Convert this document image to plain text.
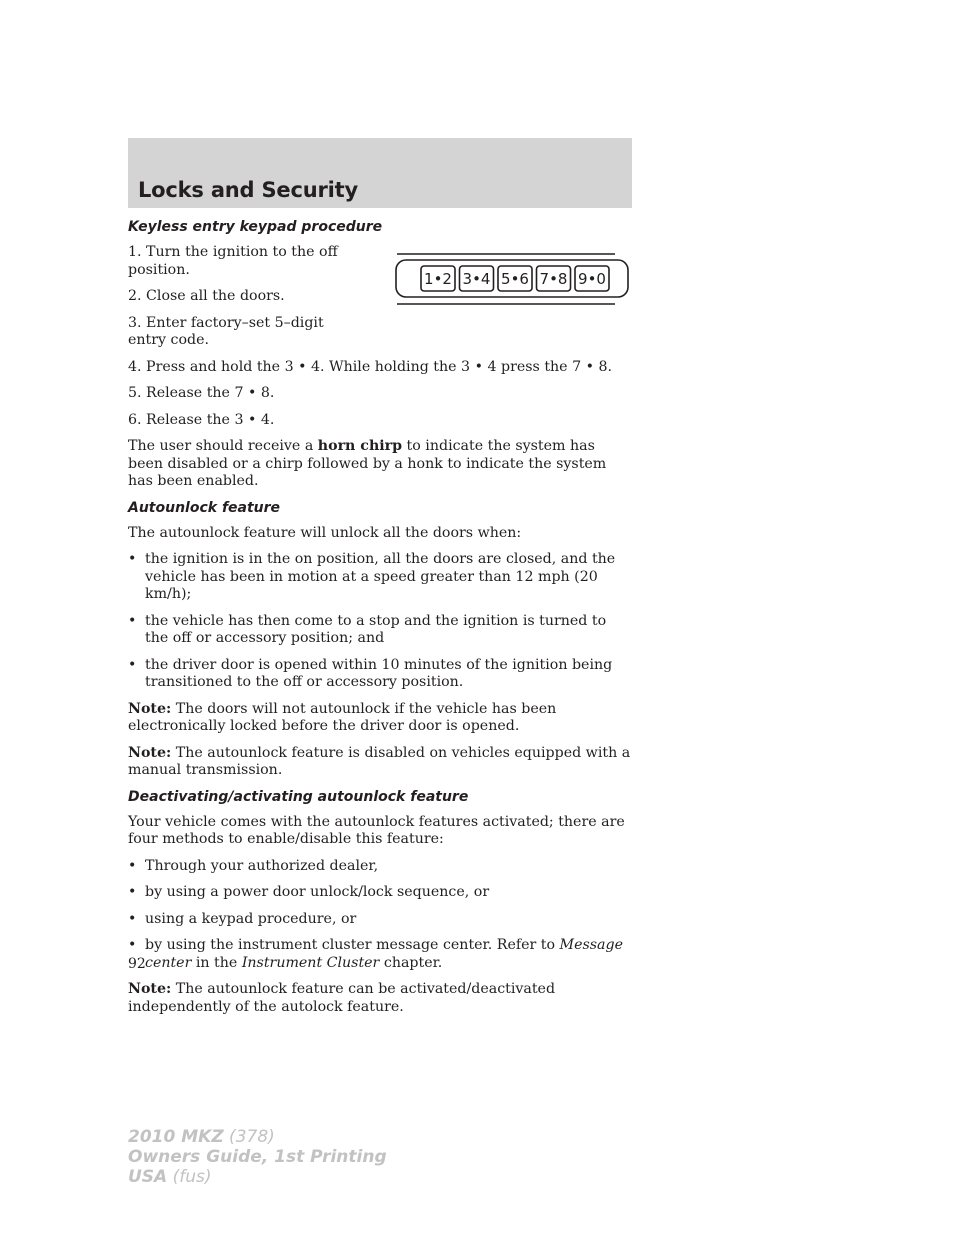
Locks and Security
1•2 3•4 5•6 7•8 9•0
Keyless entry keypad procedure

1. Turn the ignition to the off position.

2. Close all the doors.

3. Enter factory–set 5–digit entry code.

4. Press and hold the 3 • 4. While holding the 3 • 4 press the 7 • 8.

5. Release the 7 • 8.

6. Release the 3 • 4.

The user should receive a horn chirp to indicate the system has been disabled or a chirp followed by a honk to indicate the system has been enabled.

Autounlock feature

The autounlock feature will unlock all the doors when:

• the ignition is in the on position, all the doors are closed, and the vehicle has been in motion at a speed greater than 12 mph (20 km/h);
• the vehicle has then come to a stop and the ignition is turned to the off or accessory position; and
• the driver door is opened within 10 minutes of the ignition being transitioned to the off or accessory position.

Note: The doors will not autounlock if the vehicle has been electronically locked before the driver door is opened.

Note: The autounlock feature is disabled on vehicles equipped with a manual transmission.

Deactivating/activating autounlock feature

Your vehicle comes with the autounlock features activated; there are four methods to enable/disable this feature:

• Through your authorized dealer,
• by using a power door unlock/lock sequence, or
• using a keypad procedure, or
• by using the instrument cluster message center. Refer to Message center in the Instrument Cluster chapter.

Note: The autounlock feature can be activated/deactivated independently of the autolock feature.

92

2010 MKZ (378)
Owners Guide, 1st Printing
USA (fus)
